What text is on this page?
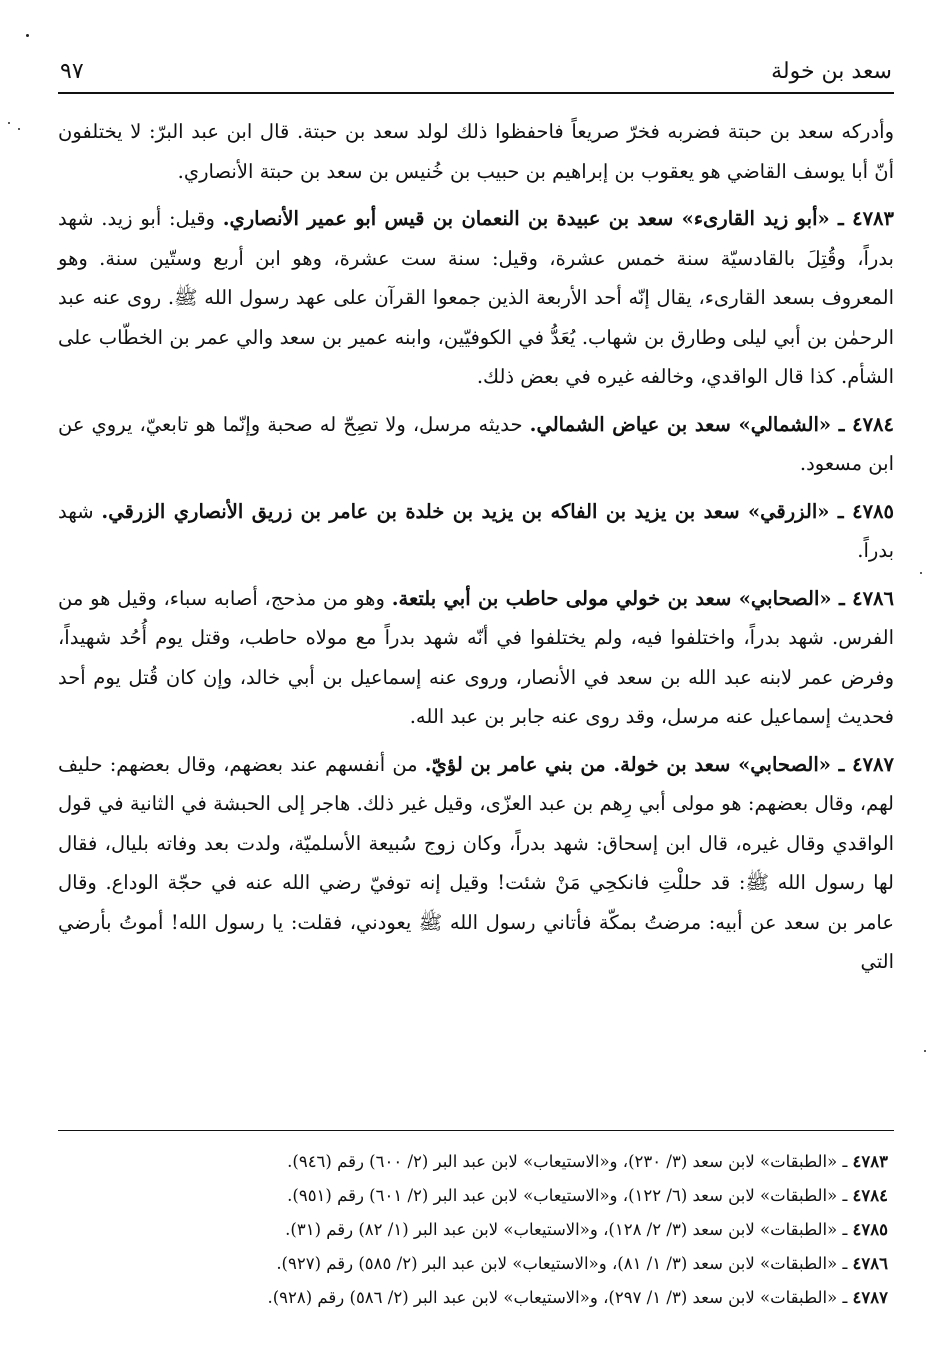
سعد بن خولة
٩٧

وأدركه سعد بن حبتة فضربه فخرّ صريعاً فاحفظوا ذلك لولد سعد بن حبتة. قال ابن عبد البرّ: لا يختلفون أنّ أبا يوسف القاضي هو يعقوب بن إبراهيم بن حبيب بن خُنيس بن سعد بن حبتة الأنصاري.

٤٧٨٣ ـ «أبو زيد القارىء» سعد بن عبيدة بن النعمان بن قيس أبو عمير الأنصاري. وقيل: أبو زيد. شهد بدراً، وقُتِلَ بالقادسيّة سنة خمس عشرة، وقيل: سنة ست عشرة، وهو ابن أربع وستّين سنة. وهو المعروف بسعد القارىء، يقال إنّه أحد الأربعة الذين جمعوا القرآن على عهد رسول الله ﷺ. روى عنه عبد الرحمٰن بن أبي ليلى وطارق بن شهاب. يُعَدُّ في الكوفيّين، وابنه عمير بن سعد والي عمر بن الخطّاب على الشأم. كذا قال الواقدي، وخالفه غيره في بعض ذلك.

٤٧٨٤ ـ «الشمالي» سعد بن عياض الشمالي. حديثه مرسل، ولا تصِحّ له صحبة وإنّما هو تابعيّ، يروي عن ابن مسعود.

٤٧٨٥ ـ «الزرقي» سعد بن يزيد بن الفاكه بن يزيد بن خلدة بن عامر بن زريق الأنصاري الزرقي. شهد بدراً.

٤٧٨٦ ـ «الصحابي» سعد بن خولي مولى حاطب بن أبي بلتعة. وهو من مذحج، أصابه سباء، وقيل هو من الفرس. شهد بدراً، واختلفوا فيه، ولم يختلفوا في أنّه شهد بدراً مع مولاه حاطب، وقتل يوم أُحُد شهيداً، وفرض عمر لابنه عبد الله بن سعد في الأنصار، وروى عنه إسماعيل بن أبي خالد، وإن كان قُتل يوم أحد فحديث إسماعيل عنه مرسل، وقد روى عنه جابر بن عبد الله.

٤٧٨٧ ـ «الصحابي» سعد بن خولة. من بني عامر بن لؤيّ. من أنفسهم عند بعضهم، وقال بعضهم: حليف لهم، وقال بعضهم: هو مولى أبي رِهم بن عبد العزّى، وقيل غير ذلك. هاجر إلى الحبشة في الثانية في قول الواقدي وقال غيره، قال ابن إسحاق: شهد بدراً، وكان زوج سُبيعة الأسلميّة، ولدت بعد وفاته بليال، فقال لها رسول الله ﷺ: قد حللْتِ فانكحِي مَنْ شئت! وقيل إنه توفيّ رضي الله عنه في حجّة الوداع. وقال عامر بن سعد عن أبيه: مرضتُ بمكّة فأتاني رسول الله ﷺ يعودني، فقلت: يا رسول الله! أموتُ بأرضي التي

٤٧٨٣ ـ «الطبقات» لابن سعد (٣/ ٢٣٠)، و«الاستيعاب» لابن عبد البر (٢/ ٦٠٠) رقم (٩٤٦).
٤٧٨٤ ـ «الطبقات» لابن سعد (٦/ ١٢٢)، و«الاستيعاب» لابن عبد البر (٢/ ٦٠١) رقم (٩٥١).
٤٧٨٥ ـ «الطبقات» لابن سعد (٣/ ٢/ ١٢٨)، و«الاستيعاب» لابن عبد البر (١/ ٨٢) رقم (٣١).
٤٧٨٦ ـ «الطبقات» لابن سعد (٣/ ١/ ٨١)، و«الاستيعاب» لابن عبد البر (٢/ ٥٨٥) رقم (٩٢٧).
٤٧٨٧ ـ «الطبقات» لابن سعد (٣/ ١/ ٢٩٧)، و«الاستيعاب» لابن عبد البر (٢/ ٥٨٦) رقم (٩٢٨).
